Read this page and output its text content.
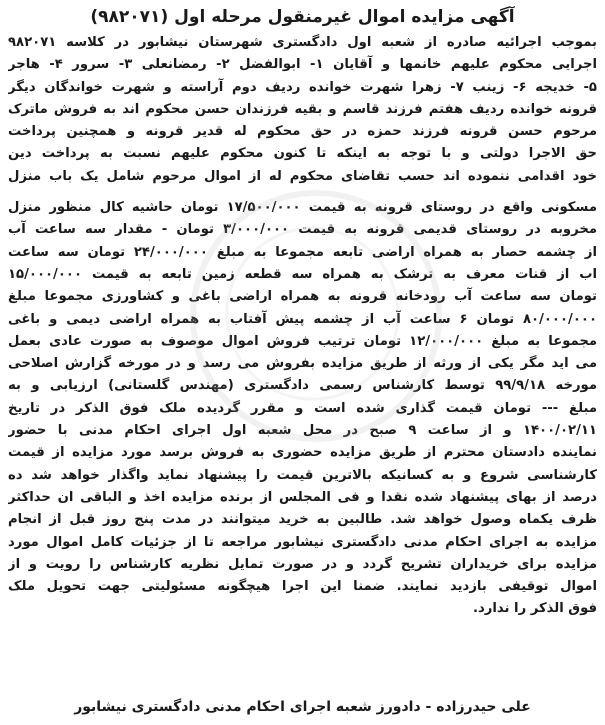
آگهی مزایده اموال غیرمنقول مرحله اول (۹۸۲۰۷۱)
بموجب اجرائیه صادره از شعبه اول دادگستری شهرستان نیشابور در کلاسه ۹۸۲۰۷۱
اجرایی محکوم علیهم خانمها و آقایان ۱- ابوالفضل ۲- رمضانعلی ۳- سرور ۴- هاجر
۵- خدیجه ۶- زینب ۷- زهرا شهرت خوانده ردیف دوم آراسته و شهرت خواندگان دیگر
قرونه خوانده ردیف هفتم فرزند قاسم و بقیه فرزندان حسن محکوم اند به فروش ماترک
مرحوم حسن قرونه فرزند حمزه در حق محکوم له قدیر قرونه و همچنین پرداخت
حق الاجرا دولتی و با توجه به اینکه تا کنون محکوم علیهم نسبت به پرداخت دین
خود اقدامی ننموده اند حسب تقاضای محکوم له از اموال مرحوم شامل یک باب منزل
مسکونی واقع در روستای قرونه به قیمت ۱۷/۵۰۰/۰۰۰ تومان حاشیه کال منظور منزل
مخروبه در روستای قدیمی قرونه به قیمت ۳/۰۰۰/۰۰۰ تومان - مقدار سه ساعت آب
از چشمه حصار به همراه اراضی تابعه مجموعا به مبلغ ۲۴/۰۰۰/۰۰۰ تومان سه ساعت
اب از قنات معرف به ترشک به همراه سه قطعه زمین تابعه به قیمت ۱۵/۰۰۰/۰۰۰
تومان سه ساعت آب رودخانه قرونه به همراه اراضی باغی و کشاورزی مجموعا مبلغ
۸۰/۰۰۰/۰۰۰ تومان ۶ ساعت آب از چشمه پیش آفتاب به همراه اراضی دیمی و باغی
مجموعا به مبلغ ۱۲/۰۰۰/۰۰۰ تومان ترتیب فروش اموال موصوف به صورت عادی بعمل
می اید مگر یکی از ورثه از طریق مزایده بفروش می رسد و در مورخه گزارش اصلاحی
مورخه ۹۹/۹/۱۸ توسط کارشناس رسمی دادگستری (مهندس گلستانی) ارزیابی و به
مبلغ --- تومان قیمت گذاری شده است و مقرر گردیده ملک فوق الذکر در تاریخ
۱۴۰۰/۰۲/۱۱ و از ساعت ۹ صبح در محل شعبه اول اجرای احکام مدنی با حضور
نماینده دادستان محترم از طریق مزایده حضوری به فروش برسد مورد مزایده از قیمت
کارشناسی شروع و به کسانیکه بالاترین قیمت را پیشنهاد نماید واگذار خواهد شد ده
درصد از بهای پیشنهاد شده نقدا و فی المجلس از برنده مزایده اخذ و الباقی ان حداکثر
ظرف یکماه وصول خواهد شد. طالبین به خرید میتوانند در مدت پنج روز قبل از انجام
مزایده به اجرای احکام مدنی دادگستری نیشابور مراجعه تا از جزئیات کامل اموال مورد
مزایده برای خریداران تشریح گردد و در صورت تمایل نظریه کارشناس را رویت و از
اموال توقیفی بازدید نمایند. ضمنا این اجرا هیچگونه مسئولیتی جهت تحویل ملک
فوق الذکر را ندارد.
علی حیدرزاده - دادورز شعبه اجرای احکام مدنی دادگستری نیشابور
